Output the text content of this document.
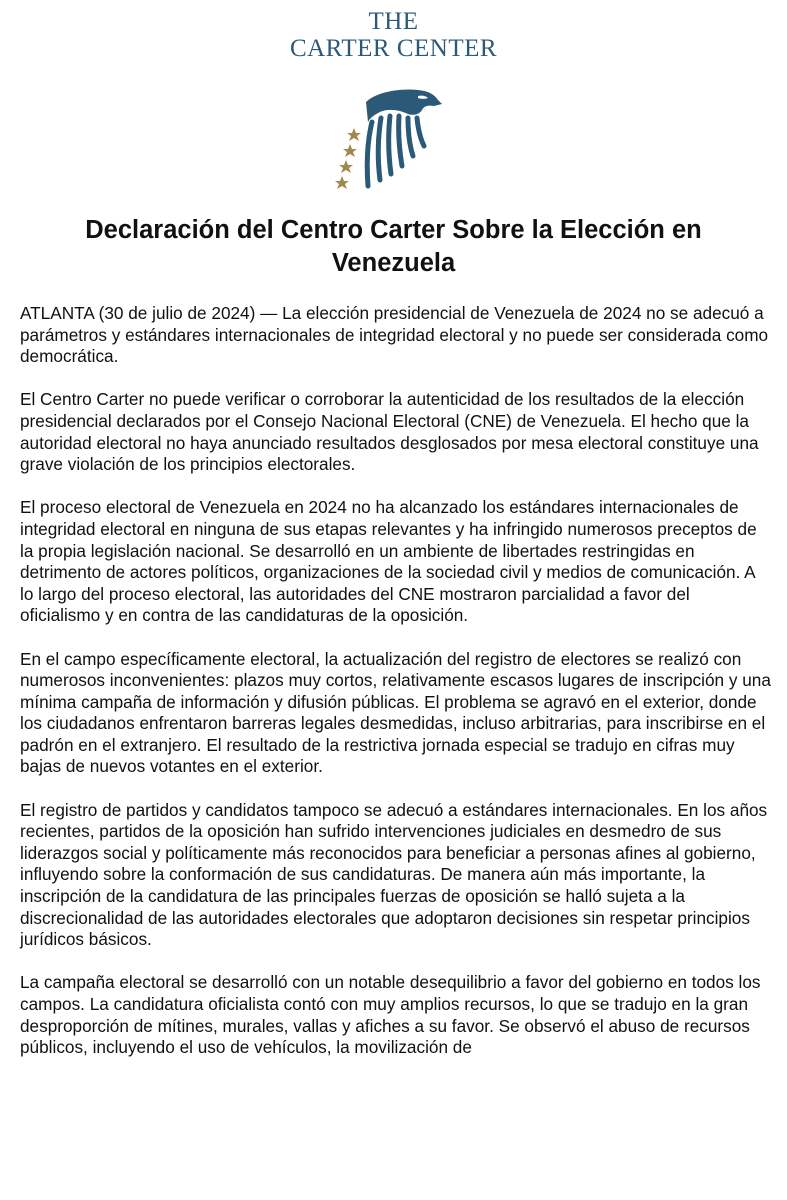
THE
CARTER CENTER
Declaración del Centro Carter Sobre la Elección en Venezuela

ATLANTA (30 de julio de 2024) — La elección presidencial de Venezuela de 2024 no se adecuó a parámetros y estándares internacionales de integridad electoral y no puede ser considerada como democrática.

El Centro Carter no puede verificar o corroborar la autenticidad de los resultados de la elección presidencial declarados por el Consejo Nacional Electoral (CNE) de Venezuela. El hecho que la autoridad electoral no haya anunciado resultados desglosados por mesa electoral constituye una grave violación de los principios electorales.

El proceso electoral de Venezuela en 2024 no ha alcanzado los estándares internacionales de integridad electoral en ninguna de sus etapas relevantes y ha infringido numerosos preceptos de la propia legislación nacional. Se desarrolló en un ambiente de libertades restringidas en detrimento de actores políticos, organizaciones de la sociedad civil y medios de comunicación. A lo largo del proceso electoral, las autoridades del CNE mostraron parcialidad a favor del oficialismo y en contra de las candidaturas de la oposición.

En el campo específicamente electoral, la actualización del registro de electores se realizó con numerosos inconvenientes: plazos muy cortos, relativamente escasos lugares de inscripción y una mínima campaña de información y difusión públicas. El problema se agravó en el exterior, donde los ciudadanos enfrentaron barreras legales desmedidas, incluso arbitrarias, para inscribirse en el padrón en el extranjero. El resultado de la restrictiva jornada especial se tradujo en cifras muy bajas de nuevos votantes en el exterior.

El registro de partidos y candidatos tampoco se adecuó a estándares internacionales. En los años recientes, partidos de la oposición han sufrido intervenciones judiciales en desmedro de sus liderazgos social y políticamente más reconocidos para beneficiar a personas afines al gobierno, influyendo sobre la conformación de sus candidaturas. De manera aún más importante, la inscripción de la candidatura de las principales fuerzas de oposición se halló sujeta a la discrecionalidad de las autoridades electorales que adoptaron decisiones sin respetar principios jurídicos básicos.

La campaña electoral se desarrolló con un notable desequilibrio a favor del gobierno en todos los campos. La candidatura oficialista contó con muy amplios recursos, lo que se tradujo en la gran desproporción de mítines, murales, vallas y afiches a su favor. Se observó el abuso de recursos públicos, incluyendo el uso de vehículos, la movilización de
